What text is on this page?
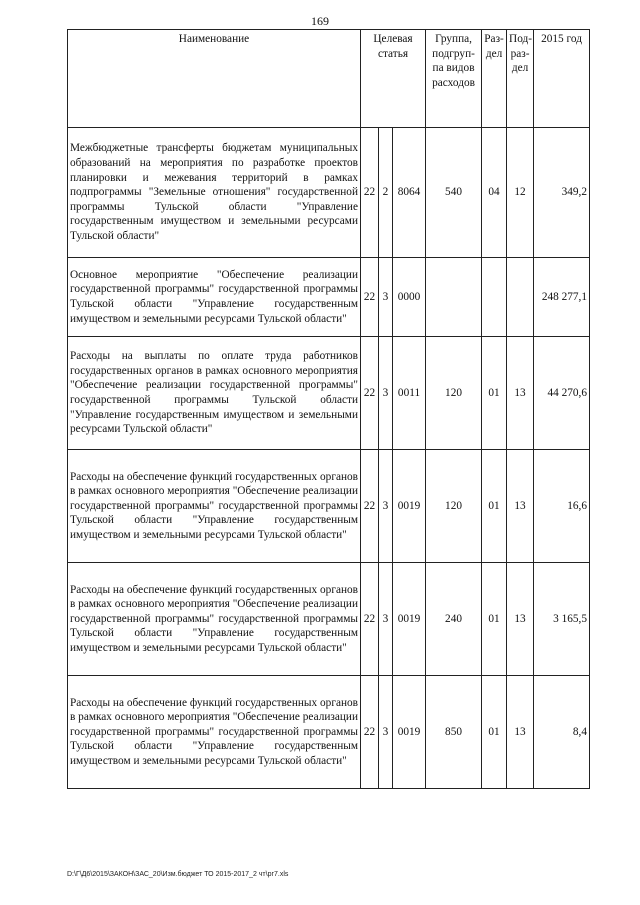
169
Наименование	Целевая статья			Группа, подгруп-па видов расходов	Раз-дел	Под-раз-дел	2015 год
Межбюджетные трансферты бюджетам муниципальных образований на мероприятия по разработке проектов планировки и межевания территорий в рамках подпрограммы "Земельные отношения" государственной программы Тульской области "Управление государственным имуществом и земельными ресурсами Тульской области"	22	2	8064	540	04	12	349,2
Основное мероприятие "Обеспечение реализации государственной программы" государственной программы Тульской области "Управление государственным имуществом и земельными ресурсами Тульской области"	22	3	0000				248 277,1
Расходы на выплаты по оплате труда работников государственных органов в рамках основного мероприятия "Обеспечение реализации государственной программы" государственной программы Тульской области "Управление государственным имуществом и земельными ресурсами Тульской области"	22	3	0011	120	01	13	44 270,6
Расходы на обеспечение функций государственных органов в рамках основного мероприятия "Обеспечение реализации государственной программы" государственной программы Тульской области "Управление государственным имуществом и земельными ресурсами Тульской области"	22	3	0019	120	01	13	16,6
Расходы на обеспечение функций государственных органов в рамках основного мероприятия "Обеспечение реализации государственной программы" государственной программы Тульской области "Управление государственным имуществом и земельными ресурсами Тульской области"	22	3	0019	240	01	13	3 165,5
Расходы на обеспечение функций государственных органов в рамках основного мероприятия "Обеспечение реализации государственной программы" государственной программы Тульской области "Управление государственным имуществом и земельными ресурсами Тульской области"	22	3	0019	850	01	13	8,4
D:\Г\Д6\2015\ЗАКОН\ЗАС_20\Изм.бюджет ТО 2015-2017_2 чт\рг7.xls
